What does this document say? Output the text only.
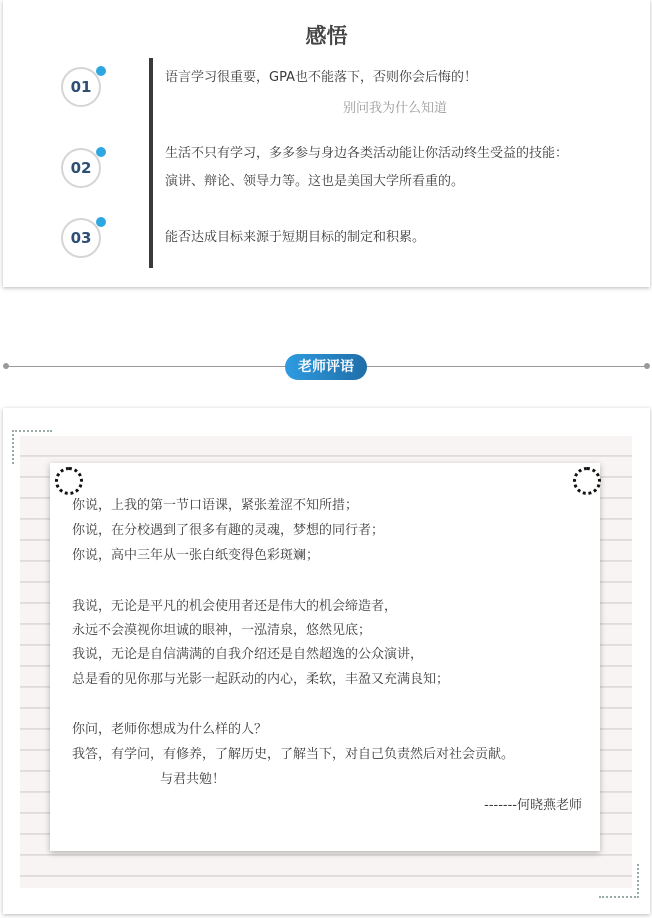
感悟
01
语言学习很重要，GPA也不能落下，否则你会后悔的！
别问我为什么知道
02
生活不只有学习，多多参与身边各类活动能让你活动终生受益的技能：
演讲、辩论、领导力等。这也是美国大学所看重的。
03	能否达成目标来源于短期目标的制定和积累。
老师评语
你说，上我的第一节口语课，紧张羞涩不知所措；
你说，在分校遇到了很多有趣的灵魂，梦想的同行者；
你说，高中三年从一张白纸变得色彩斑斓；
我说，无论是平凡的机会使用者还是伟大的机会缔造者，
永远不会漠视你坦诚的眼神，一泓清泉，悠然见底；
我说，无论是自信满满的自我介绍还是自然超逸的公众演讲，
总是看的见你那与光影一起跃动的内心，柔软，丰盈又充满良知；
你问，老师你想成为什么样的人？
我答，有学问，有修养，了解历史，了解当下，对自己负责然后对社会贡献。
与君共勉！
-------何晓燕老师
